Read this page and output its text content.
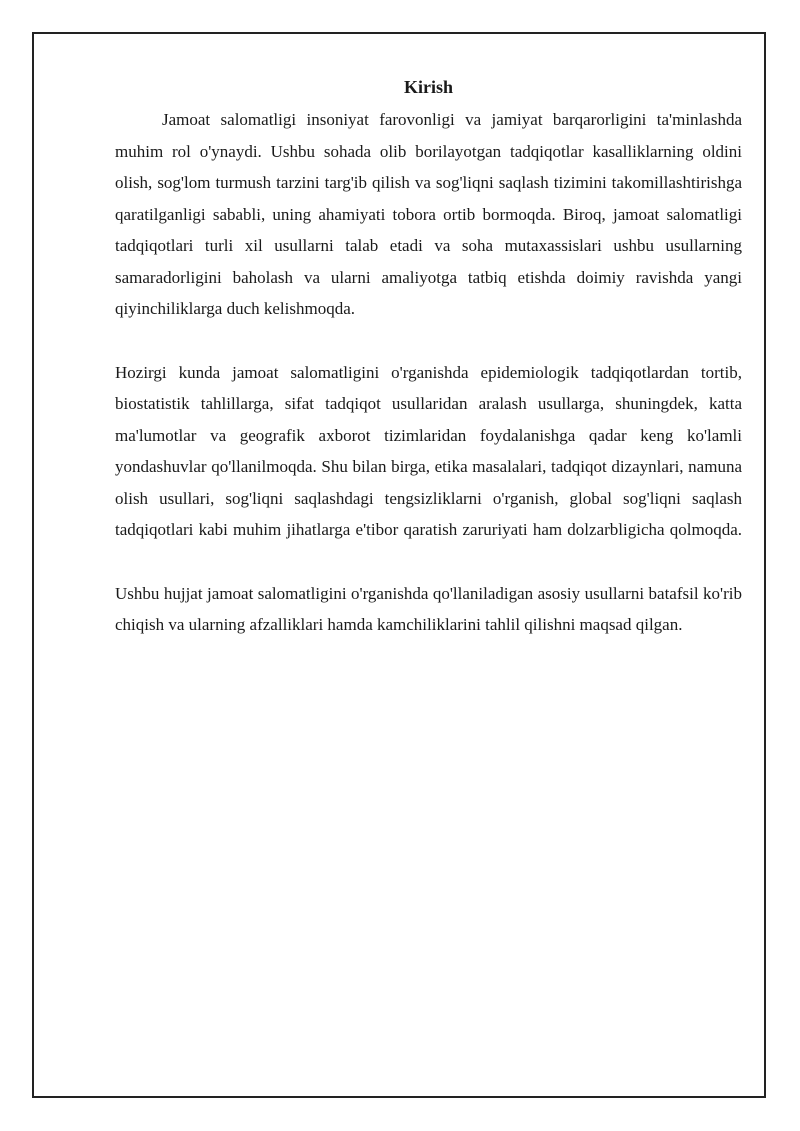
Kirish

Jamoat salomatligi insoniyat farovonligi va jamiyat barqarorligini ta'minlashda muhim rol o'ynaydi. Ushbu sohada olib borilayotgan tadqiqotlar kasalliklarning oldini olish, sog'lom turmush tarzini targ'ib qilish va sog'liqni saqlash tizimini takomillashtirishga qaratilganligi sababli, uning ahamiyati tobora ortib bormoqda. Biroq, jamoat salomatligi tadqiqotlari turli xil usullarni talab etadi va soha mutaxassislari ushbu usullarning samaradorligini baholash va ularni amaliyotga tatbiq etishda doimiy ravishda yangi qiyinchiliklarga duch kelishmoqda.

Hozirgi kunda jamoat salomatligini o'rganishda epidemiologik tadqiqotlardan tortib, biostatistik tahlillarga, sifat tadqiqot usullaridan aralash usullarga, shuningdek, katta ma'lumotlar va geografik axborot tizimlaridan foydalanishga qadar keng ko'lamli yondashuvlar qo'llanilmoqda. Shu bilan birga, etika masalalari, tadqiqot dizaynlari, namuna olish usullari, sog'liqni saqlashdagi tengsizliklarni o'rganish, global sog'liqni saqlash tadqiqotlari kabi muhim jihatlarga e'tibor qaratish zaruriyati ham dolzarbligicha qolmoqda.

Ushbu hujjat jamoat salomatligini o'rganishda qo'llaniladigan asosiy usullarni batafsil ko'rib chiqish va ularning afzalliklari hamda kamchiliklarini tahlil qilishni maqsad qilgan.
